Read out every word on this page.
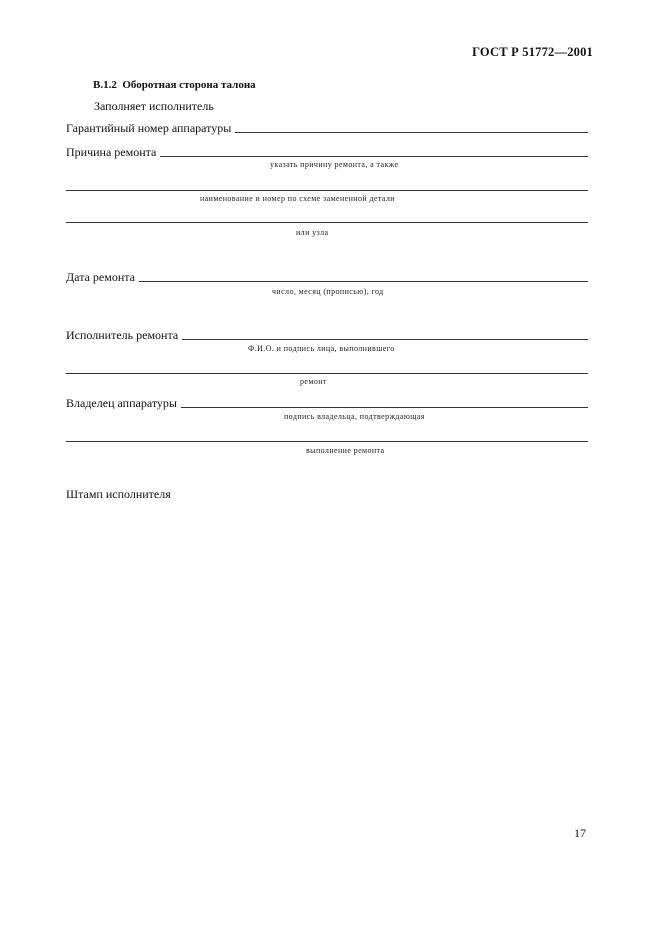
ГОСТ Р 51772—2001
В.1.2 Оборотная сторона талона
Заполняет исполнитель
Гарантийный номер аппаратуры
Причина ремонта
указать причину ремонта, а также
наименование и номер по схеме замененной детали
или узла
Дата ремонта
число, месяц (прописью), год
Исполнитель ремонта
Ф.И.О. и подпись лица, выполнившего
ремонт
Владелец аппаратуры
подпись владельца, подтверждающая
выполнение ремонта
Штамп исполнителя
17
